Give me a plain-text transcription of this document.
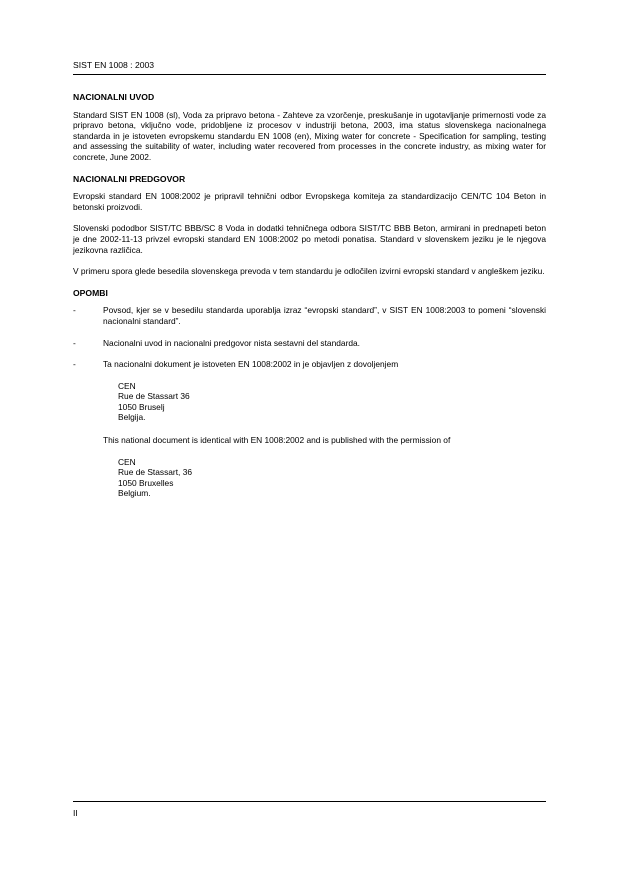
SIST EN 1008 : 2003
NACIONALNI UVOD

Standard SIST EN 1008 (sl), Voda za pripravo betona - Zahteve za vzorčenje, preskušanje in ugotavljanje primernosti vode za pripravo betona, vključno vode, pridobljene iz procesov v industriji betona, 2003, ima status slovenskega nacionalnega standarda in je istoveten evropskemu standardu EN 1008 (en), Mixing water for concrete - Specification for sampling, testing and assessing the suitability of water, including water recovered from processes in the concrete industry, as mixing water for concrete, June 2002.

NACIONALNI PREDGOVOR

Evropski standard EN 1008:2002 je pripravil tehnični odbor Evropskega komiteja za standardizacijo CEN/TC 104 Beton in betonski proizvodi.

Slovenski pododbor SIST/TC BBB/SC 8 Voda in dodatki tehničnega odbora SIST/TC BBB Beton, armirani in prednapeti beton je dne 2002-11-13 privzel evropski standard EN 1008:2002 po metodi ponatisa. Standard v slovenskem jeziku je le njegova jezikovna različica.

V primeru spora glede besedila slovenskega prevoda v tem standardu je odločilen izvirni evropski standard v angleškem jeziku.

OPOMBI
-	Povsod, kjer se v besedilu standarda uporablja izraz “evropski standard”, v SIST EN 1008:2003 to pomeni “slovenski nacionalni standard”.
-	Nacionalni uvod in nacionalni predgovor nista sestavni del standarda.
-	Ta nacionalni dokument je istoveten EN 1008:2002 in je objavljen z dovoljenjem
CEN
Rue de Stassart 36
1050 Bruselj
Belgija.
This national document is identical with EN 1008:2002 and is published with the permission of
CEN
Rue de Stassart, 36
1050 Bruxelles
Belgium.
II
